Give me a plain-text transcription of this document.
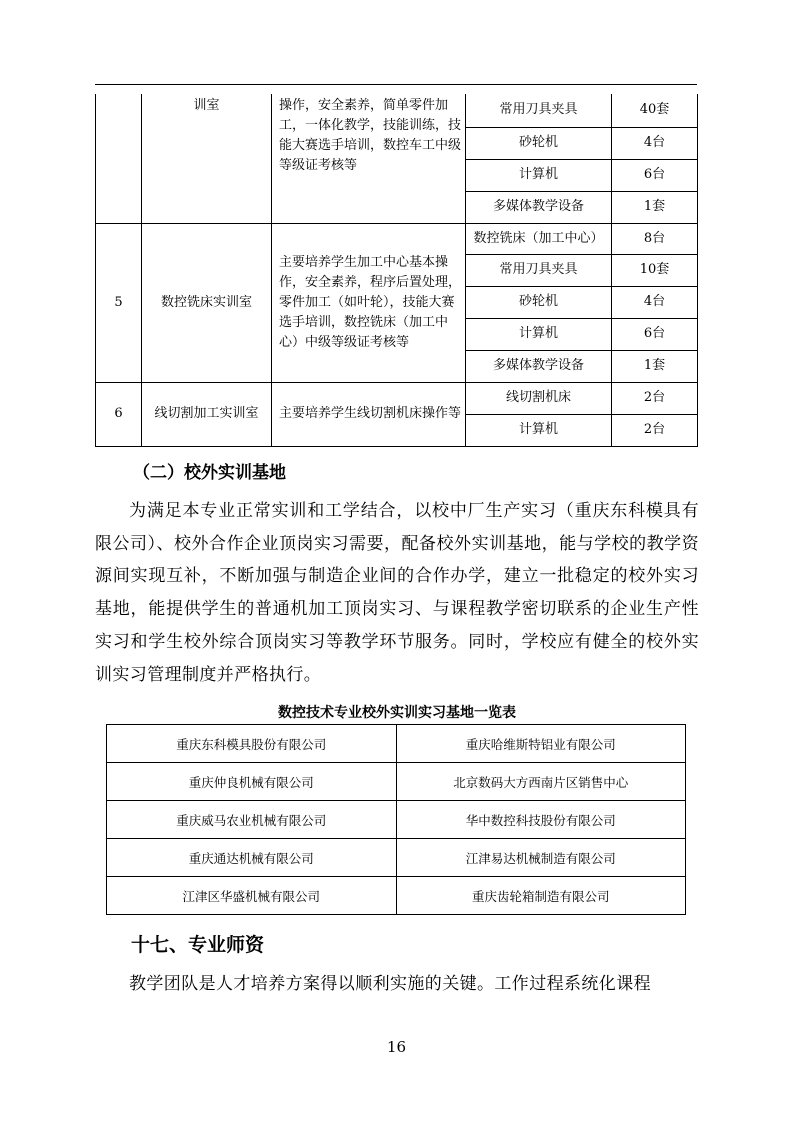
	训室	操作，安全素养，简单零件加工，一体化教学，技能训练，技能大赛选手培训，数控车工中级等级证考核等	常用刀具夹具	40套
			砂轮机	4台
			计算机	6台
			多媒体教学设备	1套
5	数控铣床实训室	主要培养学生加工中心基本操作，安全素养，程序后置处理，零件加工（如叶轮），技能大赛选手培训，数控铣床（加工中心）中级等级证考核等	数控铣床（加工中心）	8台
			常用刀具夹具	10套
			砂轮机	4台
			计算机	6台
			多媒体教学设备	1套
6	线切割加工实训室	主要培养学生线切割机床操作等	线切割机床	2台
			计算机	2台
（二）校外实训基地

为满足本专业正常实训和工学结合，以校中厂生产实习（重庆东科模具有限公司）、校外合作企业顶岗实习需要，配备校外实训基地，能与学校的教学资源间实现互补，不断加强与制造企业间的合作办学，建立一批稳定的校外实习基地，能提供学生的普通机加工顶岗实习、与课程教学密切联系的企业生产性实习和学生校外综合顶岗实习等教学环节服务。同时，学校应有健全的校外实训实习管理制度并严格执行。

数控技术专业校外实训实习基地一览表
重庆东科模具股份有限公司	重庆哈维斯特铝业有限公司
重庆仲良机械有限公司	北京数码大方西南片区销售中心
重庆威马农业机械有限公司	华中数控科技股份有限公司
重庆通达机械有限公司	江津易达机械制造有限公司
江津区华盛机械有限公司	重庆齿轮箱制造有限公司
十七、专业师资

教学团队是人才培养方案得以顺利实施的关键。工作过程系统化课程

16
